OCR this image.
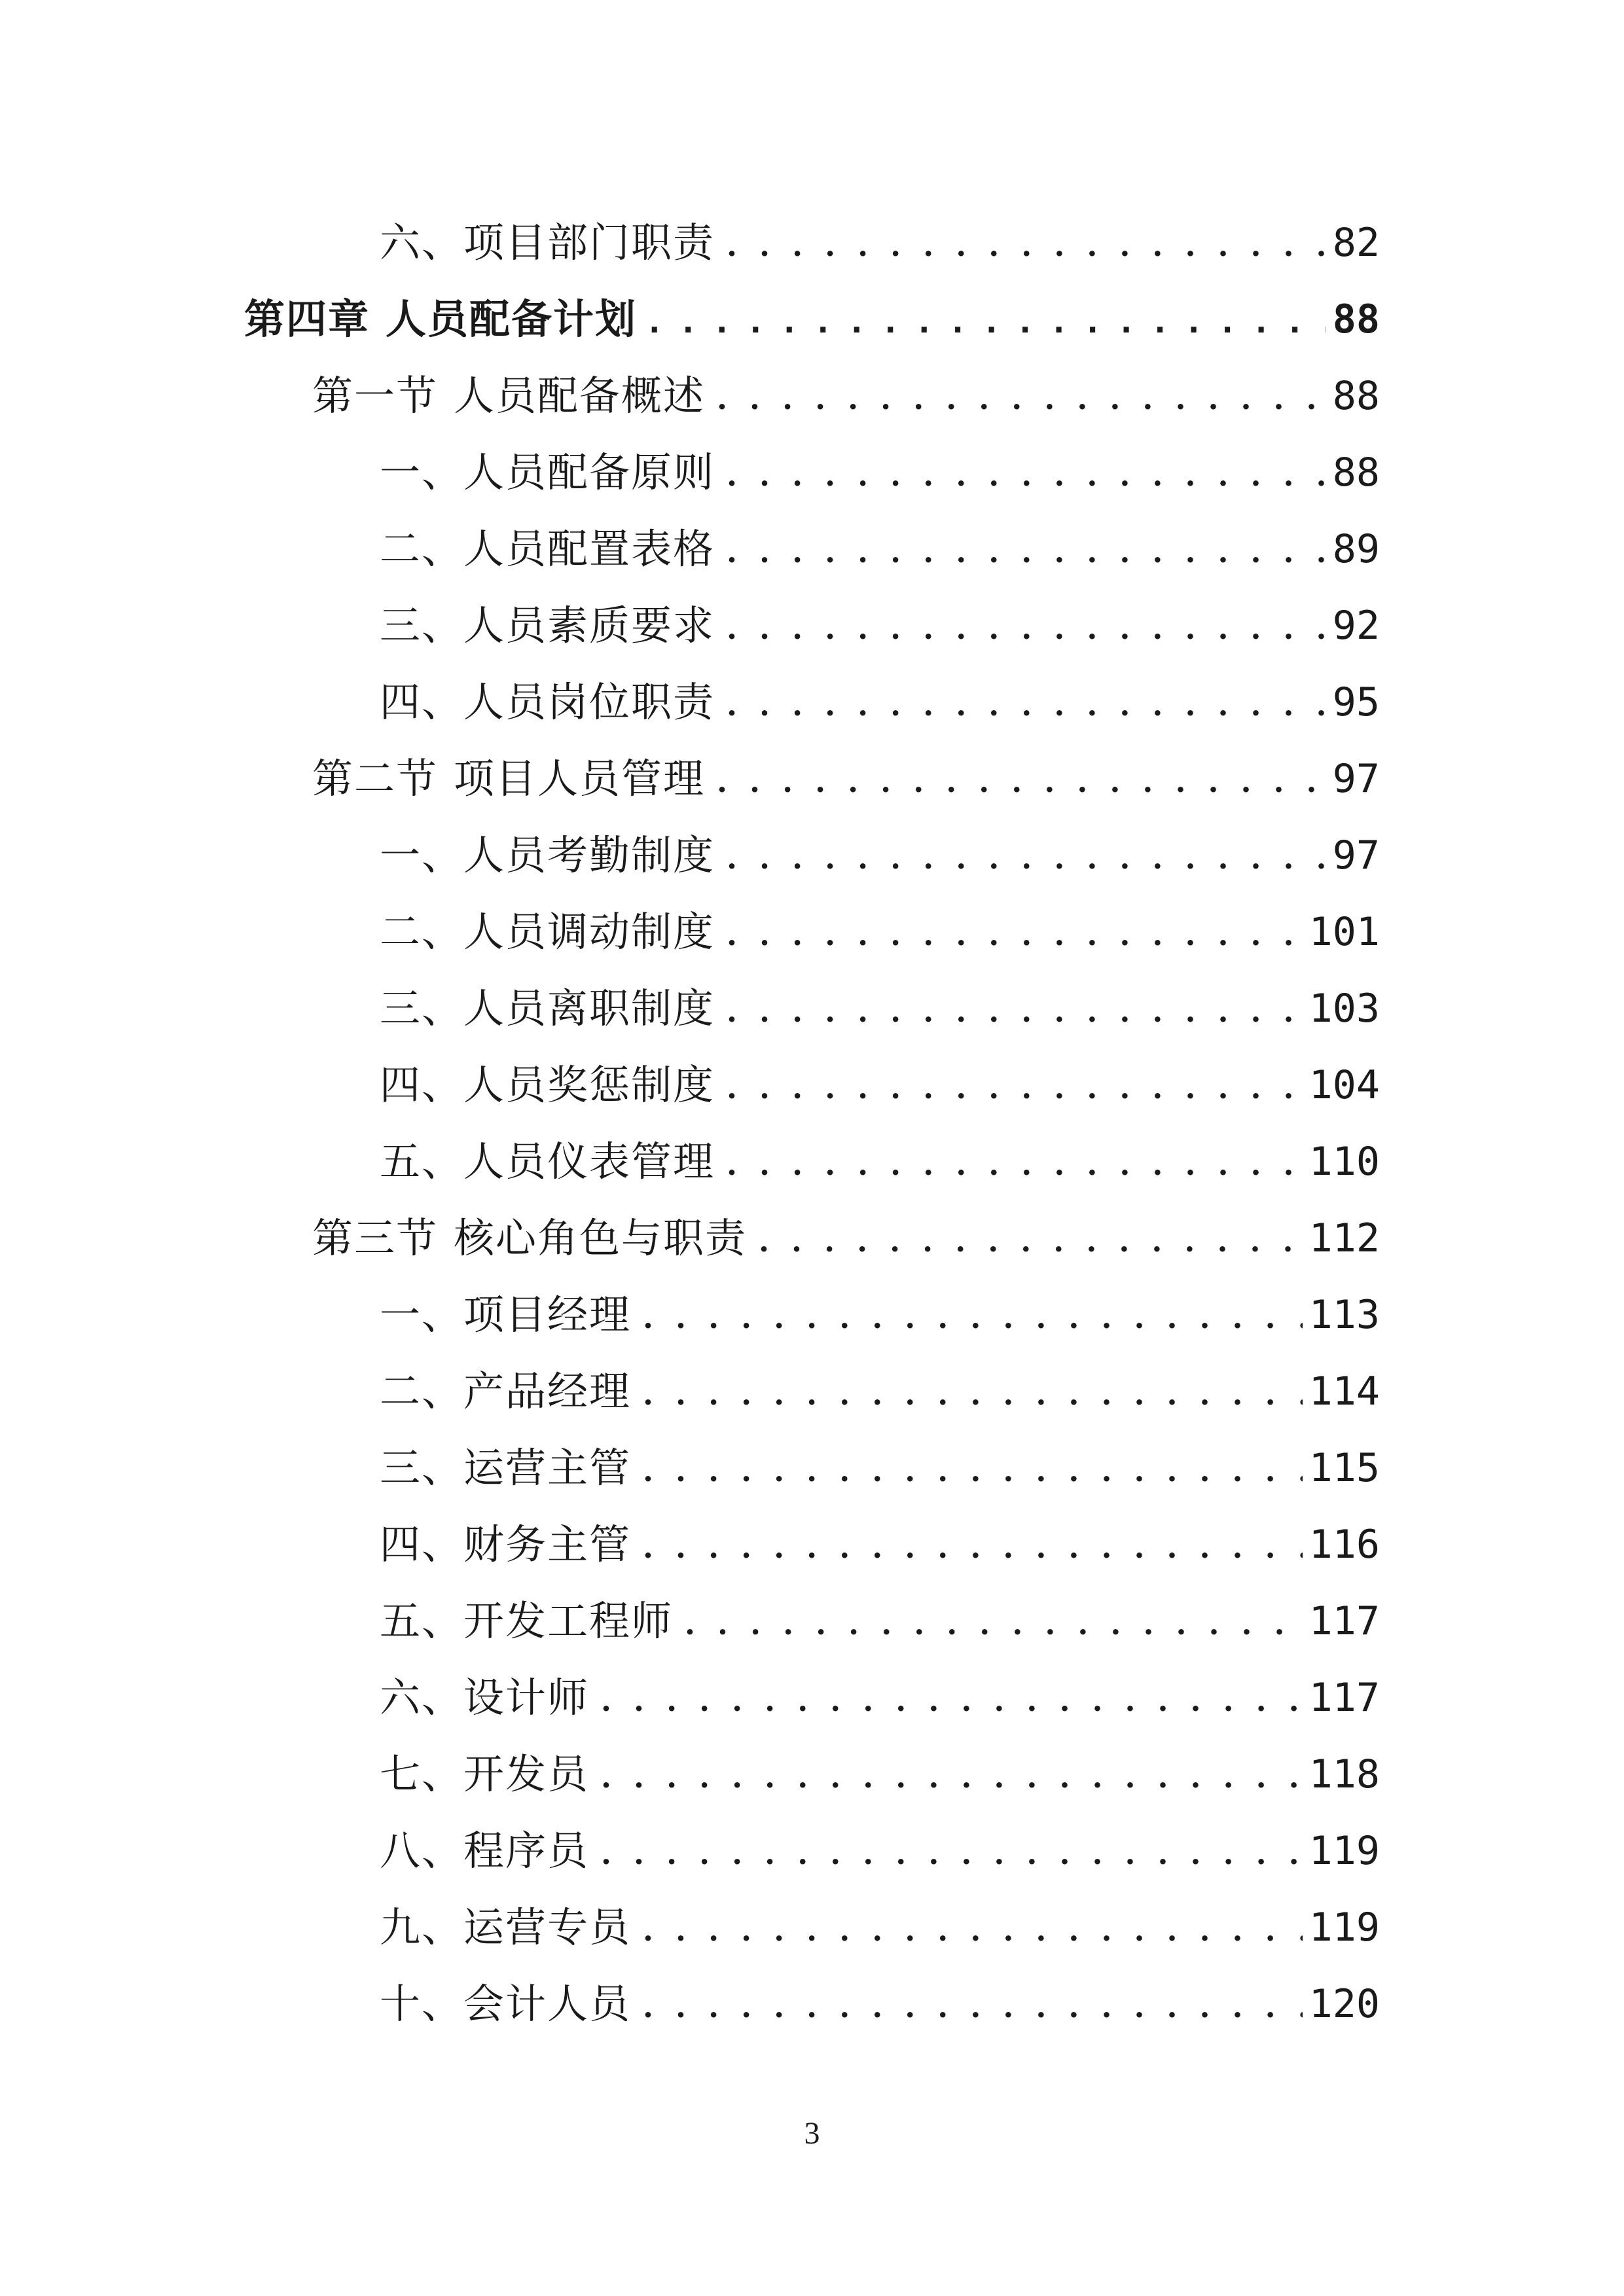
六、项目部门职责 . . .	82
第四章 人员配备计划 . . .	88
第一节 人员配备概述 . . .	88
一、人员配备原则 . . .	88
二、人员配置表格 . . .	89
三、人员素质要求 . . .	92
四、人员岗位职责 . . .	95
第二节 项目人员管理 . . .	97
一、人员考勤制度 . . .	97
二、人员调动制度 . . .	101
三、人员离职制度 . . .	103
四、人员奖惩制度 . . .	104
五、人员仪表管理 . . .	110
第三节 核心角色与职责 . . .	112
一、项目经理 . . .	113
二、产品经理 . . .	114
三、运营主管 . . .	115
四、财务主管 . . .	116
五、开发工程师 . . .	117
六、设计师 . . .	117
七、开发员 . . .	118
八、程序员 . . .	119
九、运营专员 . . .	119
十、会计人员 . . .	120
3
